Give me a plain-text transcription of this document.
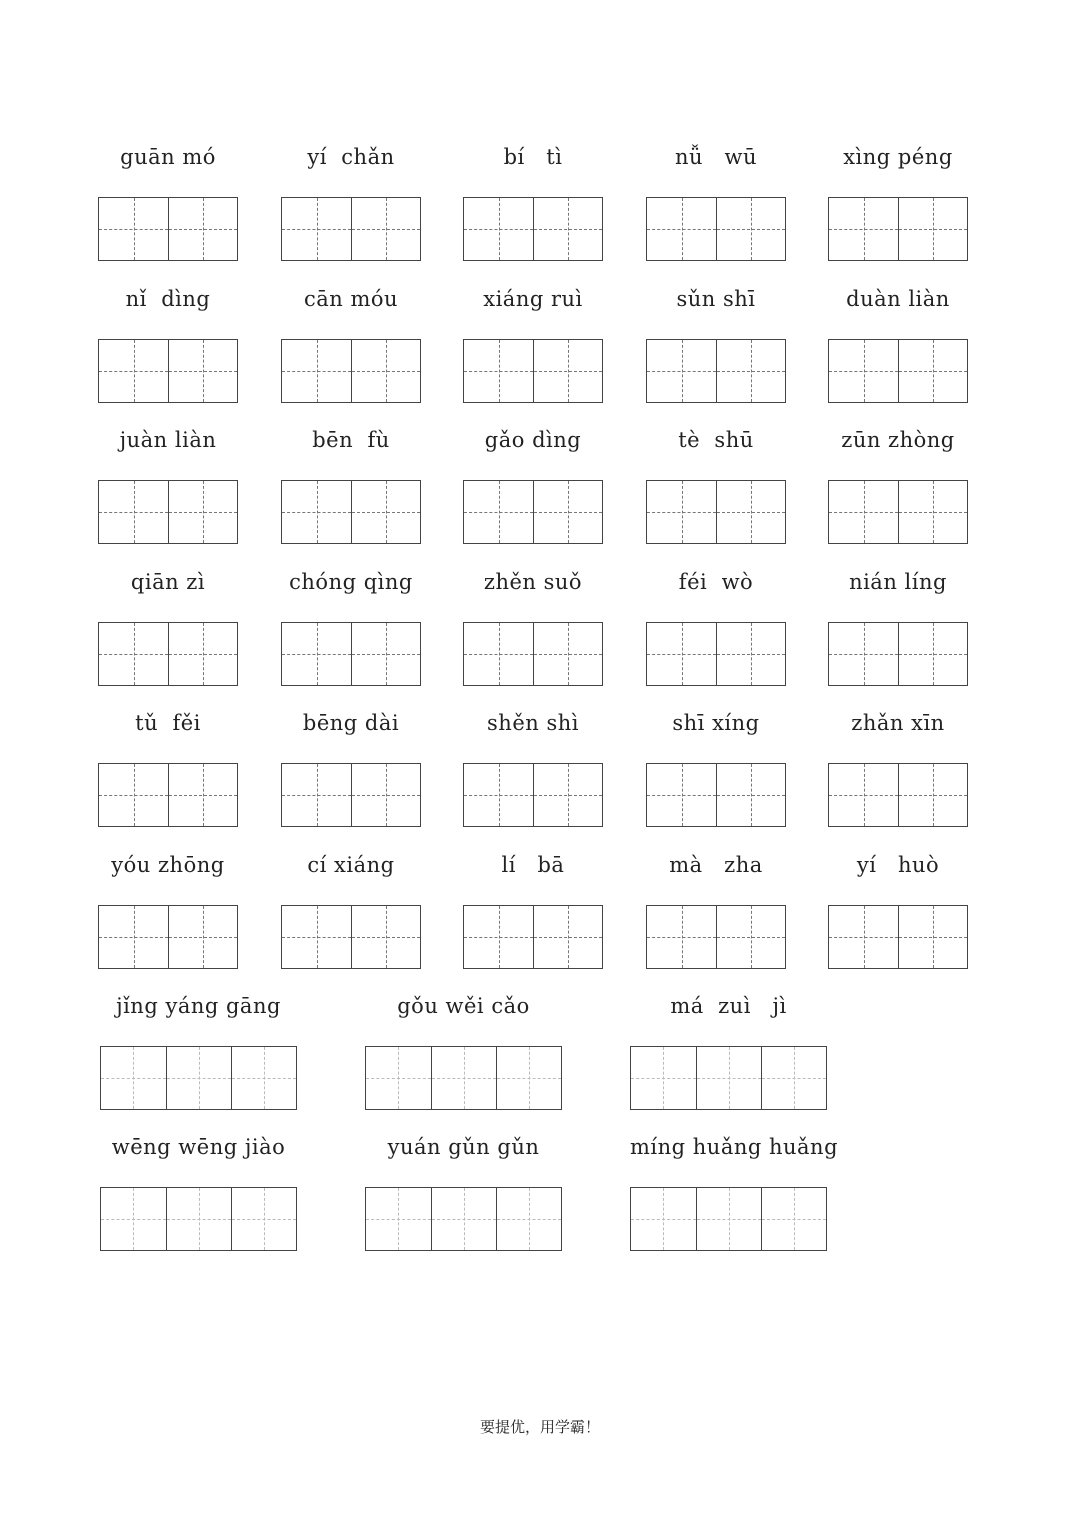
guān mó	yí  chǎn	bí   tì	nǚ   wū	xìng péng
nǐ  dìng	cān móu	xiáng ruì	sǔn shī	duàn liàn
juàn liàn	bēn  fù	gǎo dìng	tè  shū	zūn zhòng
qiān zì	chóng qìng	zhěn suǒ	féi  wò	nián líng
tǔ  fěi	bēng dài	shěn shì	shī xíng	zhǎn xīn
yóu zhōng	cí xiáng	lí   bā	mà   zha	yí   huò
jǐng yáng gāng	gǒu wěi cǎo	má  zuì   jì
wēng wēng jiào	yuán gǔn gǔn	míng huǎng huǎng
要提优，用学霸！
